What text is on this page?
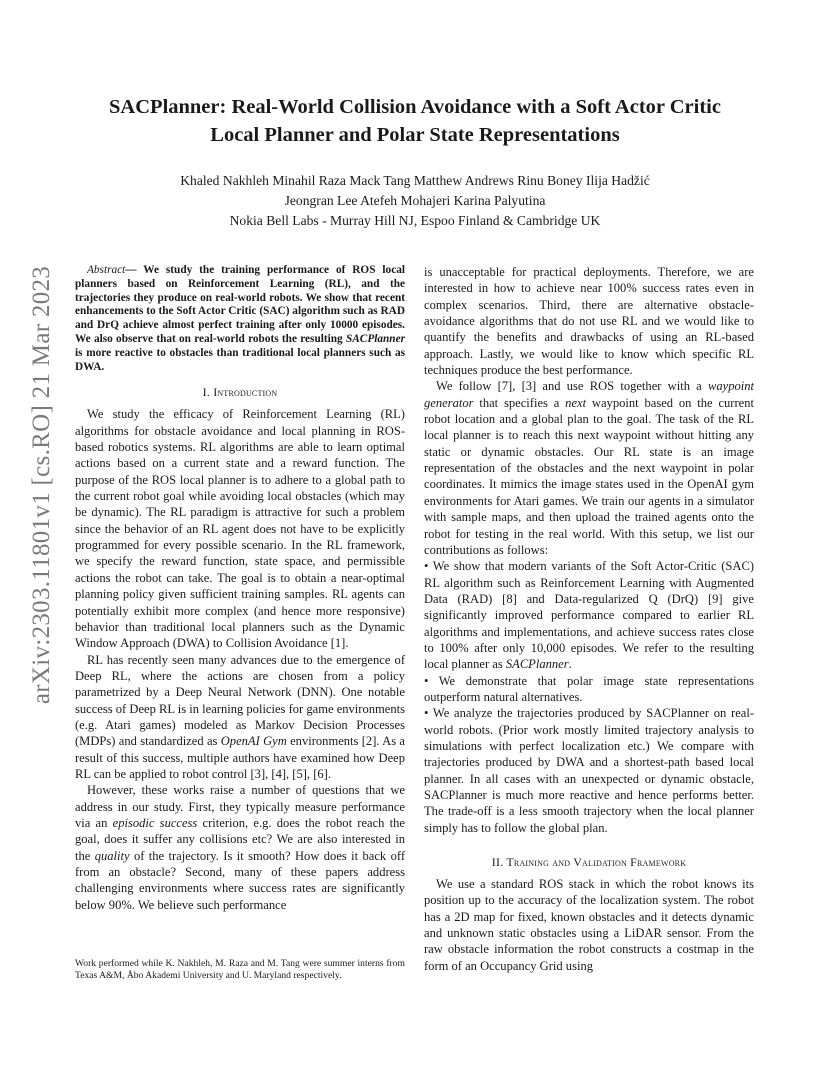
arXiv:2303.11801v1 [cs.RO] 21 Mar 2023
SACPlanner: Real-World Collision Avoidance with a Soft Actor Critic
Local Planner and Polar State Representations
Khaled Nakhleh Minahil Raza Mack Tang Matthew Andrews Rinu Boney Ilija Hadžić
Jeongran Lee Atefeh Mohajeri Karina Palyutina
Nokia Bell Labs - Murray Hill NJ, Espoo Finland & Cambridge UK

Abstract— We study the training performance of ROS local planners based on Reinforcement Learning (RL), and the trajectories they produce on real-world robots. We show that recent enhancements to the Soft Actor Critic (SAC) algorithm such as RAD and DrQ achieve almost perfect training after only 10000 episodes. We also observe that on real-world robots the resulting SACPlanner is more reactive to obstacles than traditional local planners such as DWA.

I. Introduction

We study the efficacy of Reinforcement Learning (RL) algorithms for obstacle avoidance and local planning in ROS-based robotics systems. RL algorithms are able to learn optimal actions based on a current state and a reward function. The purpose of the ROS local planner is to adhere to a global path to the current robot goal while avoiding local obstacles (which may be dynamic). The RL paradigm is attractive for such a problem since the behavior of an RL agent does not have to be explicitly programmed for every possible scenario. In the RL framework, we specify the reward function, state space, and permissible actions the robot can take. The goal is to obtain a near-optimal planning policy given sufficient training samples. RL agents can potentially exhibit more complex (and hence more responsive) behavior than traditional local planners such as the Dynamic Window Approach (DWA) to Collision Avoidance [1].

RL has recently seen many advances due to the emergence of Deep RL, where the actions are chosen from a policy parametrized by a Deep Neural Network (DNN). One notable success of Deep RL is in learning policies for game environments (e.g. Atari games) modeled as Markov Decision Processes (MDPs) and standardized as OpenAI Gym environments [2]. As a result of this success, multiple authors have examined how Deep RL can be applied to robot control [3], [4], [5], [6].

However, these works raise a number of questions that we address in our study. First, they typically measure performance via an episodic success criterion, e.g. does the robot reach the goal, does it suffer any collisions etc? We are also interested in the quality of the trajectory. Is it smooth? How does it back off from an obstacle? Second, many of these papers address challenging environments where success rates are significantly below 90%. We believe such performance

Work performed while K. Nakhleh, M. Raza and M. Tang were summer interns from Texas A&M, Åbo Akademi University and U. Maryland respectively.

is unacceptable for practical deployments. Therefore, we are interested in how to achieve near 100% success rates even in complex scenarios. Third, there are alternative obstacle-avoidance algorithms that do not use RL and we would like to quantify the benefits and drawbacks of using an RL-based approach. Lastly, we would like to know which specific RL techniques produce the best performance.

We follow [7], [3] and use ROS together with a waypoint generator that specifies a next waypoint based on the current robot location and a global plan to the goal. The task of the RL local planner is to reach this next waypoint without hitting any static or dynamic obstacles. Our RL state is an image representation of the obstacles and the next waypoint in polar coordinates. It mimics the image states used in the OpenAI gym environments for Atari games. We train our agents in a simulator with sample maps, and then upload the trained agents onto the robot for testing in the real world. With this setup, we list our contributions as follows:

• We show that modern variants of the Soft Actor-Critic (SAC) RL algorithm such as Reinforcement Learning with Augmented Data (RAD) [8] and Data-regularized Q (DrQ) [9] give significantly improved performance compared to earlier RL algorithms and implementations, and achieve success rates close to 100% after only 10,000 episodes. We refer to the resulting local planner as SACPlanner.

• We demonstrate that polar image state representations outperform natural alternatives.

• We analyze the trajectories produced by SACPlanner on real-world robots. (Prior work mostly limited trajectory analysis to simulations with perfect localization etc.) We compare with trajectories produced by DWA and a shortest-path based local planner. In all cases with an unexpected or dynamic obstacle, SACPlanner is much more reactive and hence performs better. The trade-off is a less smooth trajectory when the local planner simply has to follow the global plan.

II. Training and Validation Framework

We use a standard ROS stack in which the robot knows its position up to the accuracy of the localization system. The robot has a 2D map for fixed, known obstacles and it detects dynamic and unknown static obstacles using a LiDAR sensor. From the raw obstacle information the robot constructs a costmap in the form of an Occupancy Grid using
